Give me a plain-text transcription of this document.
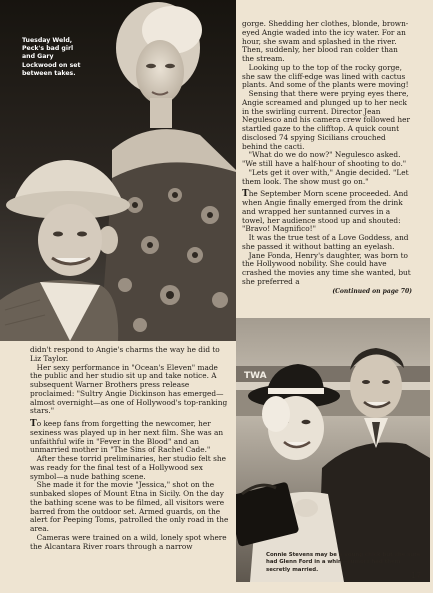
Tuesday Weld, Peck's bad girl and Gary Lockwood on set between takes.

gorge. Shedding her clothes, blonde, brown-eyed Angie waded into the icy water. For an hour, she swam and splashed in the river. Then, suddenly, her blood ran colder than the stream.

Looking up to the top of the rocky gorge, she saw the cliff-edge was lined with cactus plants. And some of the plants were moving!

Sensing that there were prying eyes there, Angie screamed and plunged up to her neck in the swirling current. Director Jean Negulesco and his camera crew followed her startled gaze to the clifftop. A quick count disclosed 74 spying Sicilians crouched behind the cacti.

"What do we do now?" Negulesco asked. "We still have a half-hour of shooting to do."

"Lets get it over with," Angie decided. "Let them look. The show must go on."

The September Morn scene proceeded. And when Angie finally emerged from the drink and wrapped her suntanned curves in a towel, her audience stood up and shouted: "Bravo! Magnifico!"

It was the true test of a Love Goddess, and she passed it without batting an eyelash.

Jane Fonda, Henry's daughter, was born to the Hollywood nobility. She could have crashed the movies any time she wanted, but she preferred a

(Continued on page 70)

didn't respond to Angie's charms the way he did to Liz Taylor.

Her sexy performance in "Ocean's Eleven" made the public and her studio sit up and take notice. A subsequent Warner Brothers press release proclaimed: "Sultry Angie Dickinson has emerged—almost overnight—as one of Hollywood's top-ranking stars."

To keep fans from forgetting the newcomer, her sexiness was played up in her next film. She was an unfaithful wife in "Fever in the Blood" and an unmarried mother in "The Sins of Rachel Cade."

After these torrid preliminaries, her studio felt she was ready for the final test of a Hollywood sex symbol—a nude bathing scene.

She made it for the movie "Jessica," shot on the sunbaked slopes of Mount Etna in Sicily. On the day the bathing scene was to be filmed, all visitors were barred from the outdoor set. Armed guards, on the alert for Peeping Toms, patrolled the only road in the area.

Cameras were trained on a wild, lonely spot where the Alcantara River roars through a narrow

TWA
Connie Stevens may be a young chick but she sure had Glenn Ford in a whirl—rumors had them secretly married.
17
